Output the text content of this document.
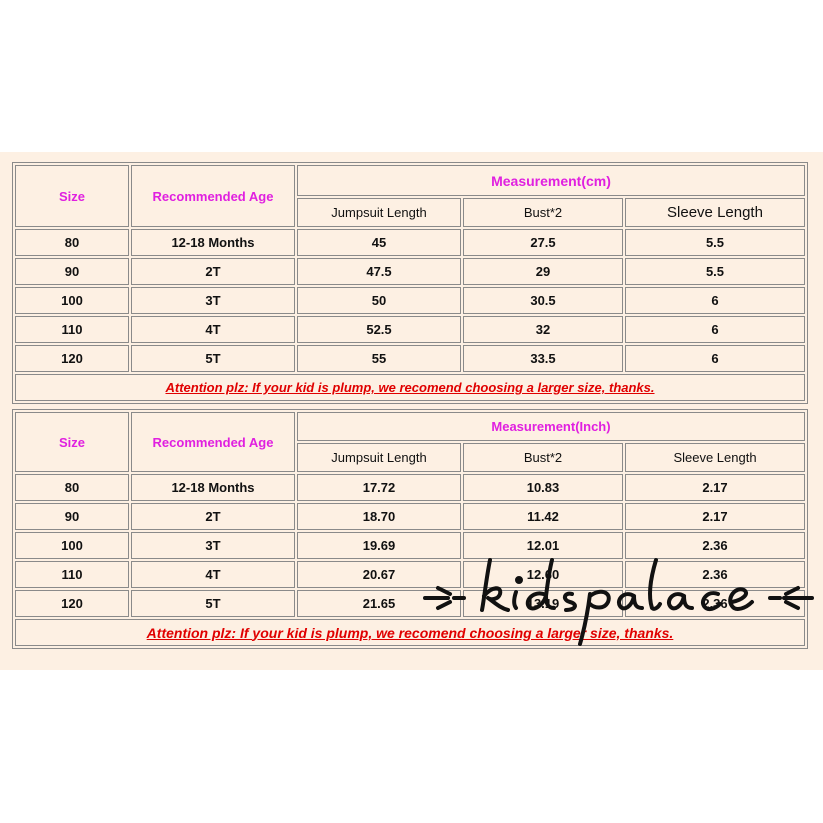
Size	Recommended Age	Measurement(cm)		
		Jumpsuit Length	Bust*2	Sleeve Length
80	12-18 Months	45	27.5	5.5
90	2T	47.5	29	5.5
100	3T	50	30.5	6
110	4T	52.5	32	6
120	5T	55	33.5	6
Attention plz: If your kid is plump, we recomend choosing a larger size, thanks.				
Size	Recommended Age	Measurement(Inch)		
		Jumpsuit Length	Bust*2	Sleeve Length
80	12-18 Months	17.72	10.83	2.17
90	2T	18.70	11.42	2.17
100	3T	19.69	12.01	2.36
110	4T	20.67	12.60	2.36
120	5T	21.65	13.19	2.36
Attention plz: If your kid is plump, we recomend choosing a larger size, thanks.				
